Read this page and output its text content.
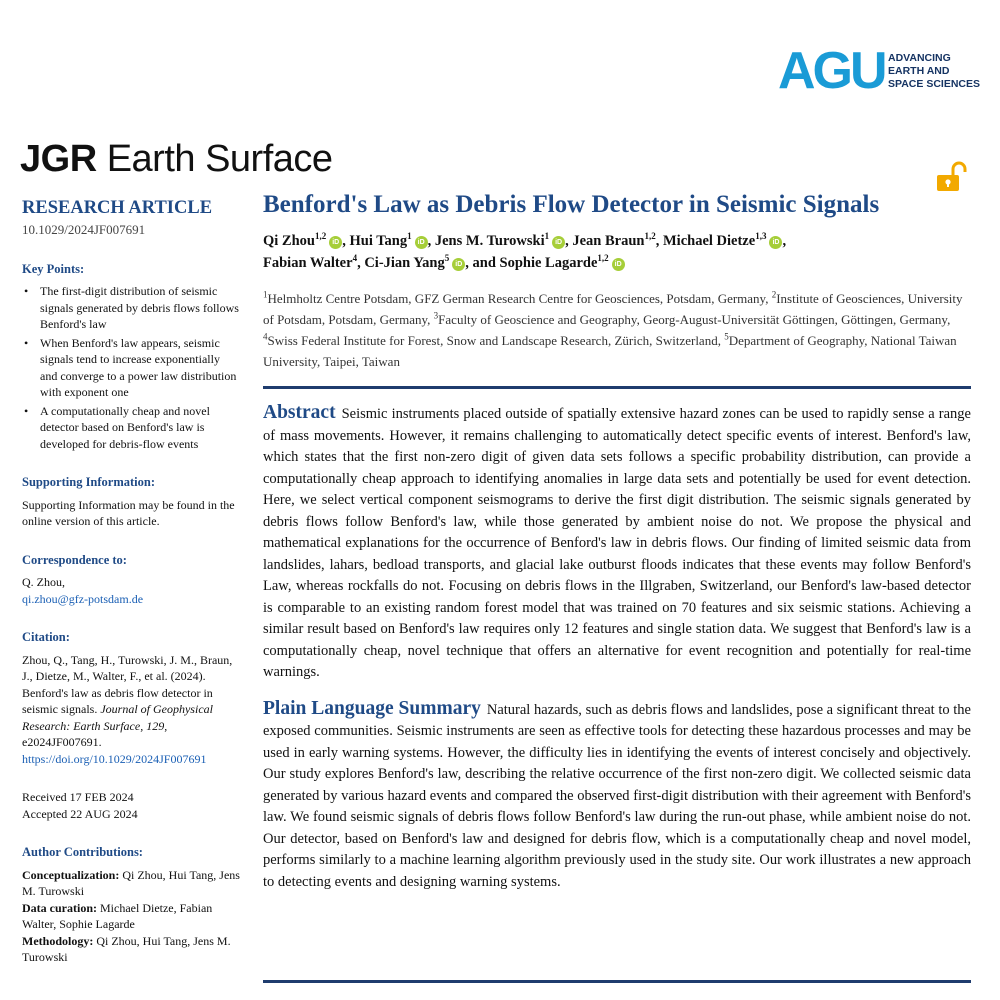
AGU ADVANCING
EARTH AND
SPACE SCIENCES
JGR Earth Surface
RESEARCH ARTICLE
10.1029/2024JF007691
Key Points:
• The first-digit distribution of seismic signals generated by debris flows follows Benford's law
• When Benford's law appears, seismic signals tend to increase exponentially and converge to a power law distribution with exponent one
• A computationally cheap and novel detector based on Benford's law is developed for debris-flow events
Supporting Information:

Supporting Information may be found in the online version of this article.

Correspondence to:
Q. Zhou,
qi.zhou@gfz-potsdam.de
Citation:

Zhou, Q., Tang, H., Turowski, J. M., Braun, J., Dietze, M., Walter, F., et al. (2024). Benford's law as debris flow detector in seismic signals. Journal of Geophysical Research: Earth Surface, 129, e2024JF007691. https://doi.org/10.1029/2024JF007691

Received 17 FEB 2024
Accepted 22 AUG 2024
Author Contributions:

Conceptualization: Qi Zhou, Hui Tang, Jens M. Turowski

Data curation: Michael Dietze, Fabian Walter, Sophie Lagarde

Methodology: Qi Zhou, Hui Tang, Jens M. Turowski

Benford's Law as Debris Flow Detector in Seismic Signals
Qi Zhou$^{1,2}$iD , Hui Tang$^1$iD , Jens M. Turowski$^1$iD , Jean Braun$^{1,2}$, Michael Dietze$^{1,3}$iD ,
Fabian Walter$^4$, Ci-Jian Yang$^5$iD , and Sophie Lagarde$^{1,2}$iD
$^1$Helmholtz Centre Potsdam, GFZ German Research Centre for Geosciences, Potsdam, Germany, $^2$Institute of Geosciences, University of Potsdam, Potsdam, Germany, $^3$Faculty of Geoscience and Geography, Georg-August-Universität Göttingen, Göttingen, Germany, $^4$Swiss Federal Institute for Forest, Snow and Landscape Research, Zürich, Switzerland, $^5$Department of Geography, National Taiwan University, Taipei, Taiwan
Abstract Seismic instruments placed outside of spatially extensive hazard zones can be used to rapidly sense a range of mass movements. However, it remains challenging to automatically detect specific events of interest. Benford's law, which states that the first non-zero digit of given data sets follows a specific probability distribution, can provide a computationally cheap approach to identifying anomalies in large data sets and potentially be used for event detection. Here, we select vertical component seismograms to derive the first digit distribution. The seismic signals generated by debris flows follow Benford's law, while those generated by ambient noise do not. We propose the physical and mathematical explanations for the occurrence of Benford's law in debris flows. Our finding of limited seismic data from landslides, lahars, bedload transports, and glacial lake outburst floods indicates that these events may follow Benford's Law, whereas rockfalls do not. Focusing on debris flows in the Illgraben, Switzerland, our Benford's law-based detector is comparable to an existing random forest model that was trained on 70 features and six seismic stations. Achieving a similar result based on Benford's law requires only 12 features and single station data. We suggest that Benford's law is a computationally cheap, novel technique that offers an alternative for event recognition and potentially for real-time warnings.
Plain Language Summary Natural hazards, such as debris flows and landslides, pose a significant threat to the exposed communities. Seismic instruments are seen as effective tools for detecting these hazardous processes and may be used in early warning systems. However, the difficulty lies in identifying the events of interest concisely and objectively. Our study explores Benford's law, describing the relative occurrence of the first non-zero digit. We collected seismic data generated by various hazard events and compared the observed first-digit distribution with their agreement with Benford's law. We found seismic signals of debris flows follow Benford's law during the run-out phase, while ambient noise do not. Our detector, based on Benford's law and designed for debris flow, which is a computationally cheap and novel model, performs similarly to a machine learning algorithm previously used in the study site. Our work illustrates a new approach to detecting events and designing warning systems.
